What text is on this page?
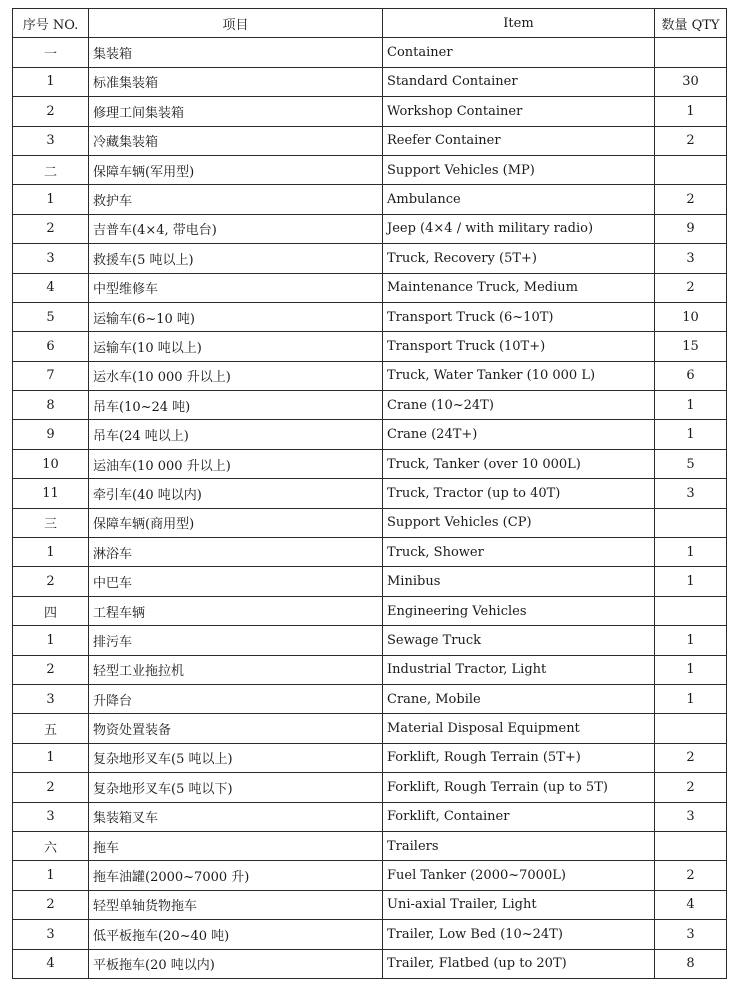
序号 NO.	项目	Item	数量 QTY
一	集装箱	Container	
1	标准集装箱	Standard Container	30
2	修理工间集装箱	Workshop Container	1
3	冷藏集装箱	Reefer Container	2
二	保障车辆(军用型)	Support Vehicles (MP)	
1	救护车	Ambulance	2
2	吉普车(4×4, 带电台)	Jeep (4×4 / with military radio)	9
3	救援车(5 吨以上)	Truck, Recovery (5T+)	3
4	中型维修车	Maintenance Truck, Medium	2
5	运输车(6~10 吨)	Transport Truck (6~10T)	10
6	运输车(10 吨以上)	Transport Truck (10T+)	15
7	运水车(10 000 升以上)	Truck, Water Tanker (10 000 L)	6
8	吊车(10~24 吨)	Crane (10~24T)	1
9	吊车(24 吨以上)	Crane (24T+)	1
10	运油车(10 000 升以上)	Truck, Tanker (over 10 000L)	5
11	牵引车(40 吨以内)	Truck, Tractor (up to 40T)	3
三	保障车辆(商用型)	Support Vehicles (CP)	
1	淋浴车	Truck, Shower	1
2	中巴车	Minibus	1
四	工程车辆	Engineering Vehicles	
1	排污车	Sewage Truck	1
2	轻型工业拖拉机	Industrial Tractor, Light	1
3	升降台	Crane, Mobile	1
五	物资处置装备	Material Disposal Equipment	
1	复杂地形叉车(5 吨以上)	Forklift, Rough Terrain (5T+)	2
2	复杂地形叉车(5 吨以下)	Forklift, Rough Terrain (up to 5T)	2
3	集装箱叉车	Forklift, Container	3
六	拖车	Trailers	
1	拖车油罐(2000~7000 升)	Fuel Tanker (2000~7000L)	2
2	轻型单轴货物拖车	Uni-axial Trailer, Light	4
3	低平板拖车(20~40 吨)	Trailer, Low Bed (10~24T)	3
4	平板拖车(20 吨以内)	Trailer, Flatbed (up to 20T)	8
